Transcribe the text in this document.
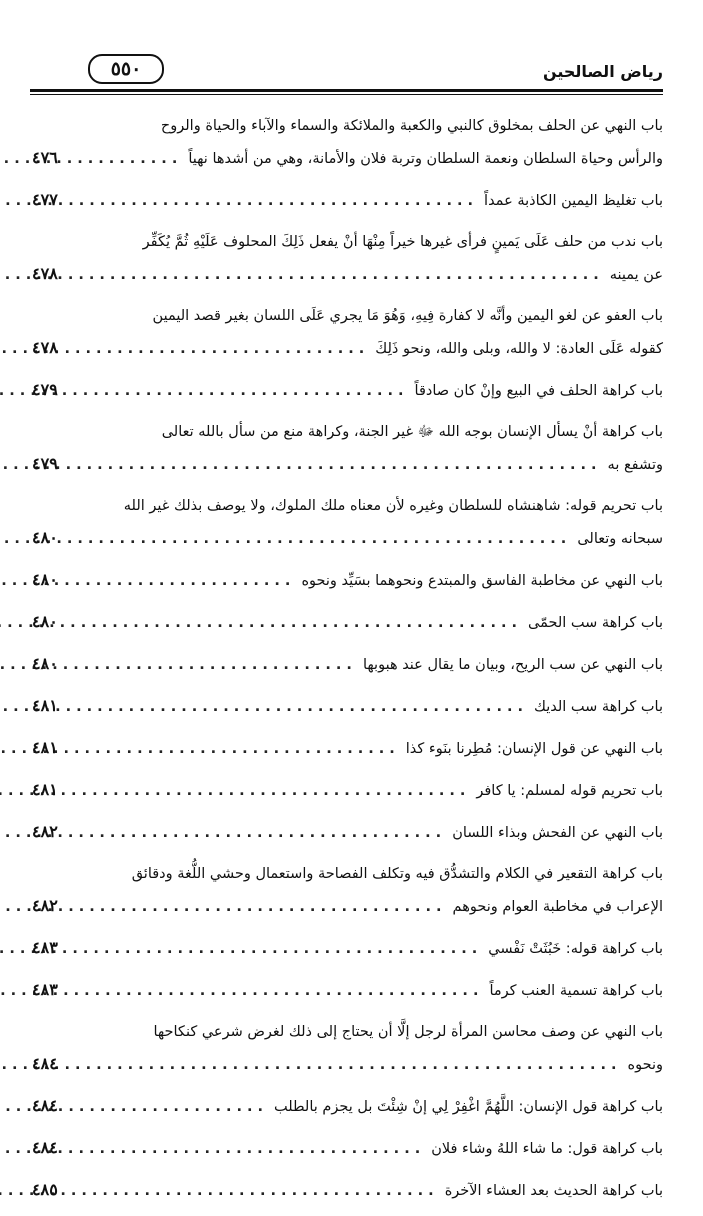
رياض الصالحين
٥٥٠
باب النهي عن الحلف بمخلوق كالنبي والكعبة والملائكة والسماء والآباء والحياة والروح
والرأس وحياة السلطان ونعمة السلطان وتربة فلان والأمانة، وهي من أشدها نهياً
.....
٤٧٦
باب تغليظ اليمين الكاذبة عمداً
.....
٤٧٧
باب ندب من حلف عَلَى يَمينٍ فرأى غيرها خيراً مِنْهَا أنْ يفعل ذَلِكَ المحلوف عَلَيْهِ ثُمَّ يُكَفِّر
عن يمينه
.....
٤٧٨
باب العفو عن لغو اليمين وأنَّه لا كفارة فِيهِ، وَهُوَ مَا يجري عَلَى اللسان بغير قصد اليمين
كقوله عَلَى العادة: لا والله، وبلى والله، ونحو ذَلِكَ
.....
٤٧٨
باب كراهة الحلف في البيع وإنْ كان صادقاً
.....
٤٧٩
باب كراهة أنْ يسأل الإنسان بوجه الله ﷻ غير الجنة، وكراهة منع من سأل بالله تعالى
وتشفع به
.....
٤٧٩
باب تحريم قوله: شاهنشاه للسلطان وغيره لأن معناه ملك الملوك، ولا يوصف بذلك غير الله
سبحانه وتعالى
.....
٤٨٠
باب النهي عن مخاطبة الفاسق والمبتدع ونحوهما بسَيِّد ونحوه
.....
٤٨٠
باب كراهة سب الحمّى
.....
٤٨٠
باب النهي عن سب الريح، وبيان ما يقال عند هبوبها
.....
٤٨٠
باب كراهة سب الديك
.....
٤٨١
باب النهي عن قول الإنسان: مُطِرنا بنَوء كذا
.....
٤٨١
باب تحريم قوله لمسلم: يا كافر
.....
٤٨١
باب النهي عن الفحش وبذاء اللسان
.....
٤٨٢
باب كراهة التقعير في الكلام والتشدُّق فيه وتكلف الفصاحة واستعمال وحشي اللُّغة ودقائق
الإعراب في مخاطبة العوام ونحوهم
.....
٤٨٢
باب كراهة قوله: خَبُثَتْ نَفْسي
.....
٤٨٣
باب كراهة تسمية العنب كرماً
.....
٤٨٣
باب النهي عن وصف محاسن المرأة لرجل إلَّا أن يحتاج إلى ذلك لغرض شرعي كنكاحها
ونحوه
.....
٤٨٤
باب كراهة قول الإنسان: اللَّهُمَّ اغْفِرْ لِي إنْ شِئْتَ بل يجزم بالطلب
.....
٤٨٤
باب كراهة قول: ما شاء اللهُ وشاء فلان
.....
٤٨٤
باب كراهة الحديث بعد العشاء الآخرة
.....
٤٨٥
